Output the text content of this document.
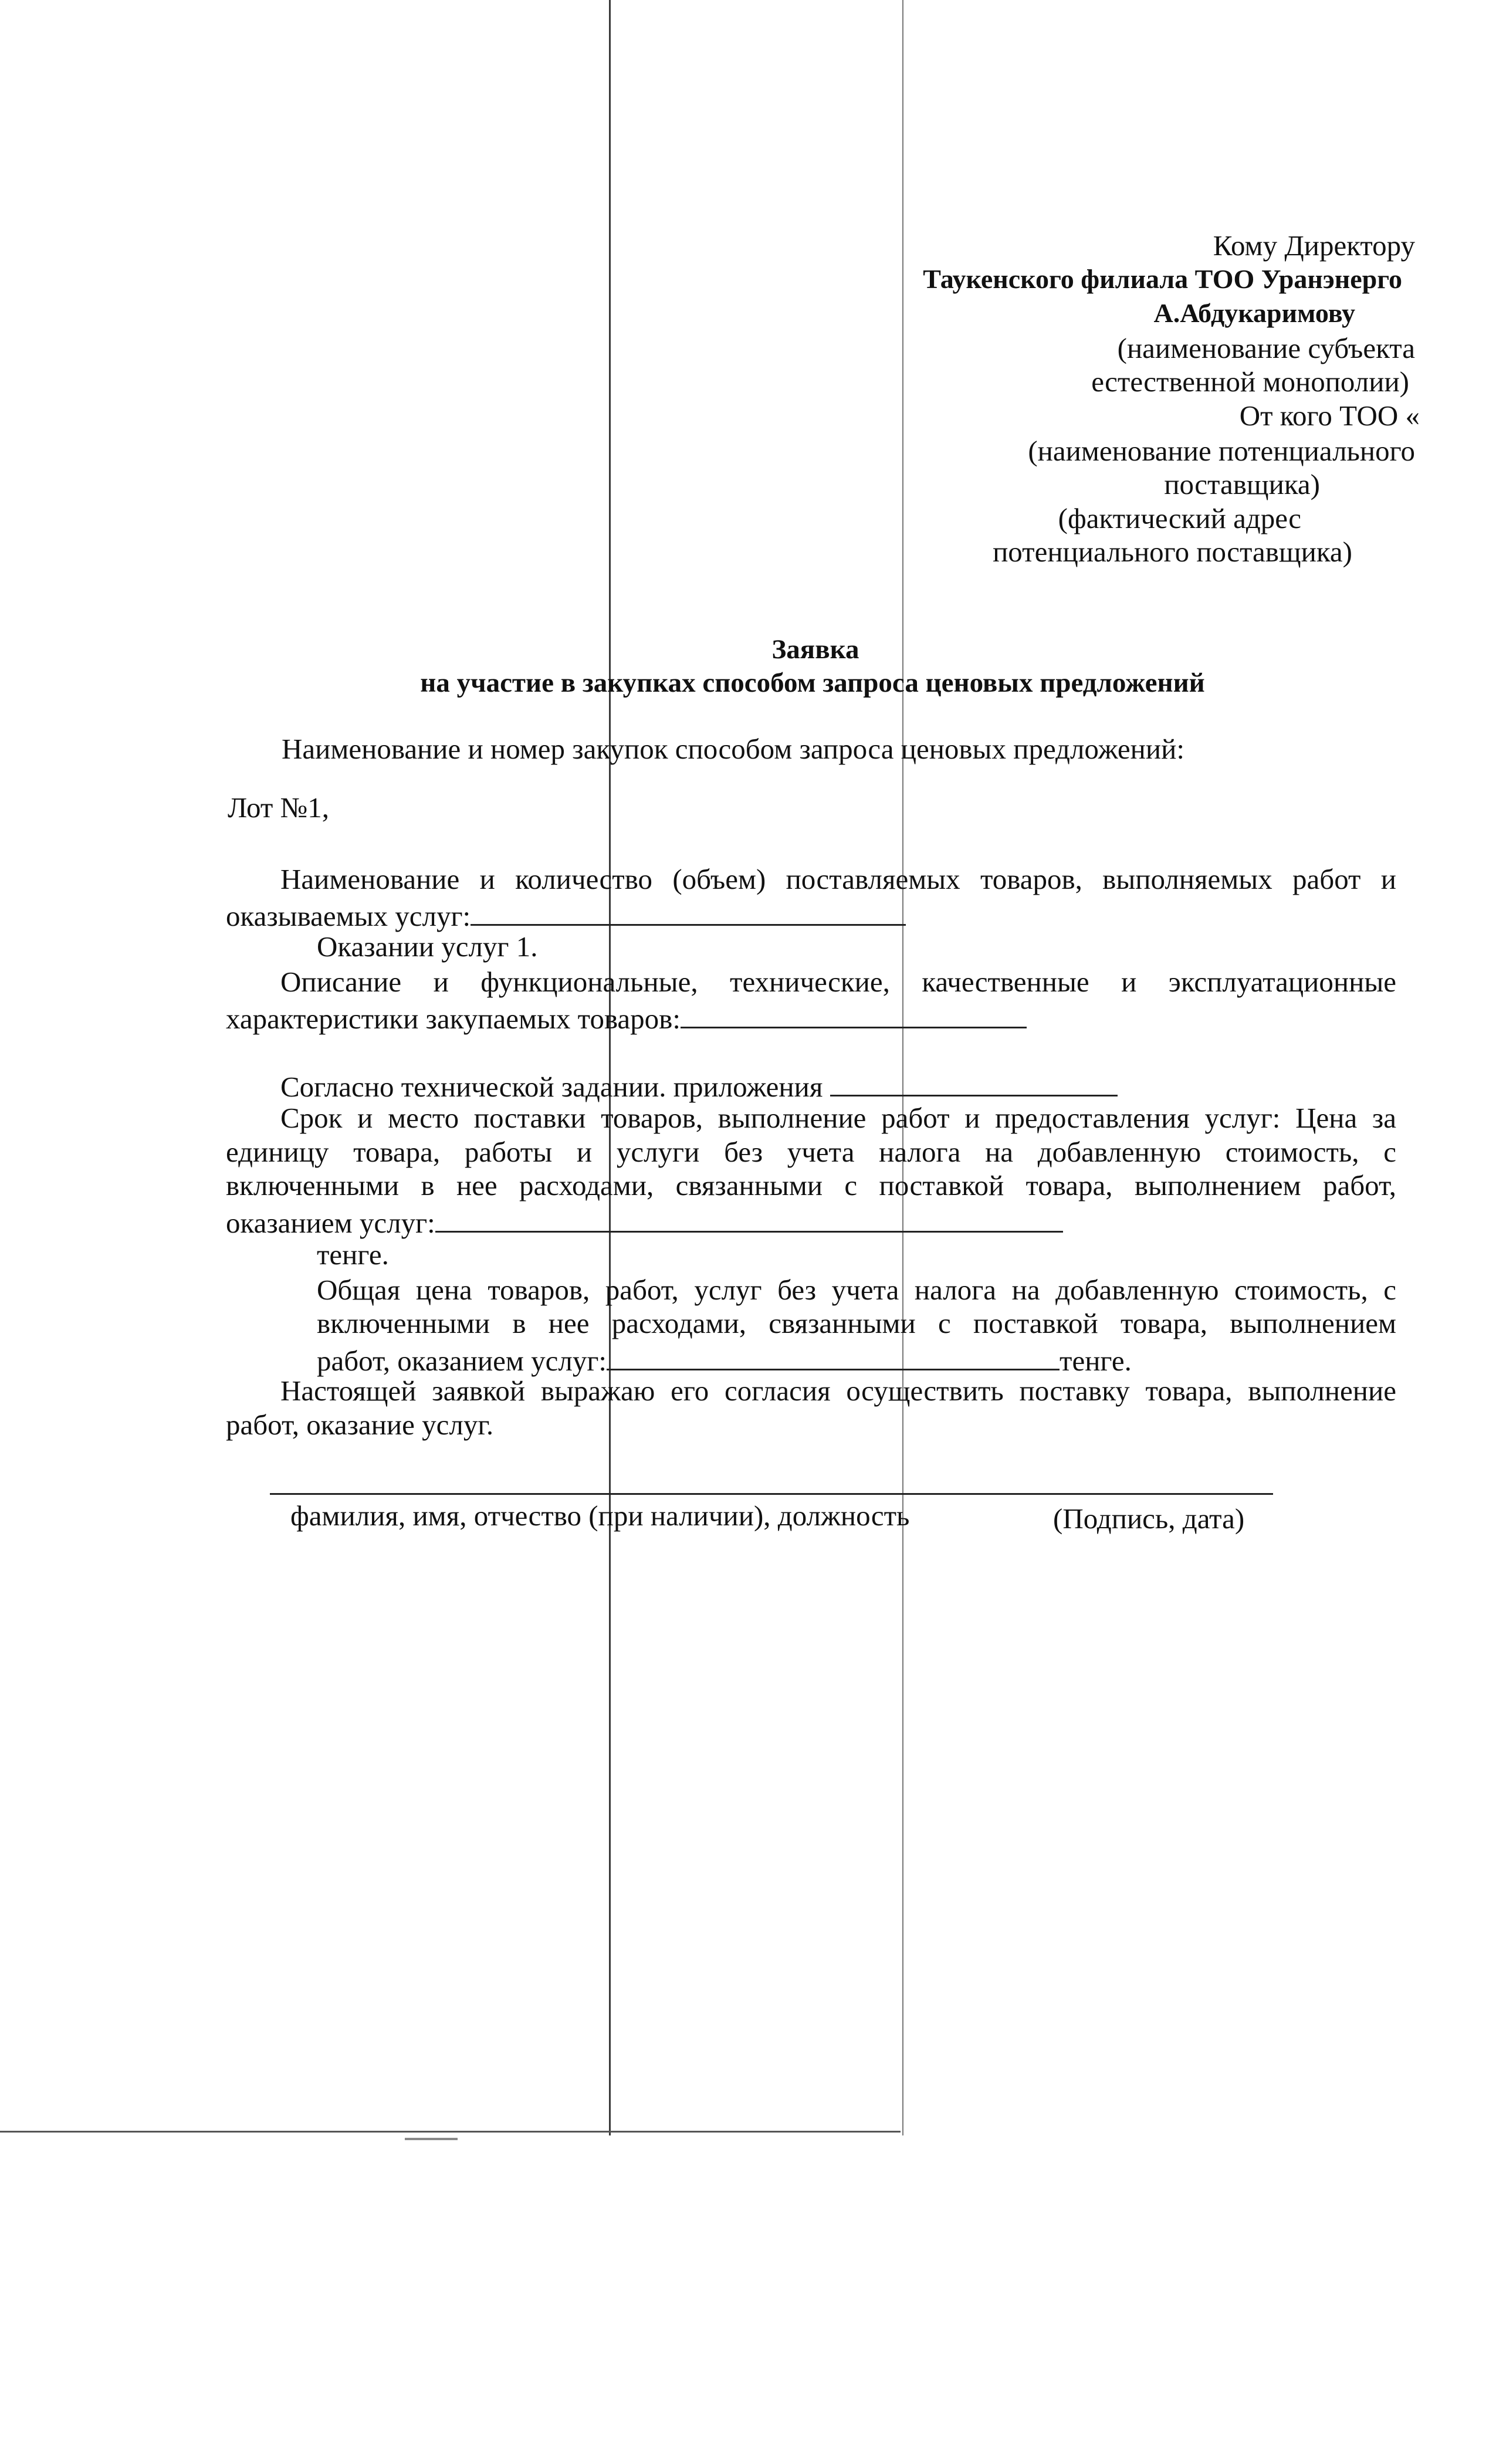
Кому Директору
Таукенского филиала ТОО Уранэнерго
А.Абдукаримову
(наименование субъекта
естественной монополии)
От кого ТОО «
(наименование потенциального
поставщика)
(фактический адрес
потенциального поставщика)
Заявка
на участие в закупках способом запроса ценовых предложений
Наименование и номер закупок способом запроса ценовых предложений:
Лот №1,
Наименование и количество (объем) поставляемых товаров, выполняемых работ и
оказываемых услуг:
Оказании услуг 1.
Описание и функциональные, технические, качественные и эксплуатационные
характеристики закупаемых товаров:
Согласно технической задании. приложения
Срок и место поставки товаров, выполнение работ и предоставления услуг: Цена за
единицу товара, работы и услуги без учета налога на добавленную стоимость, с
включенными в нее расходами, связанными с поставкой товара, выполнением работ,
оказанием услуг:
тенге.
Общая цена товаров, работ, услуг без учета налога на добавленную стоимость, с
включенными в нее расходами, связанными с поставкой товара, выполнением
работ, оказанием услуг:	тенге.
Настоящей заявкой выражаю его согласия осуществить поставку товара, выполнение
работ, оказание услуг.
фамилия, имя, отчество (при наличии), должность	(Подпись, дата)
